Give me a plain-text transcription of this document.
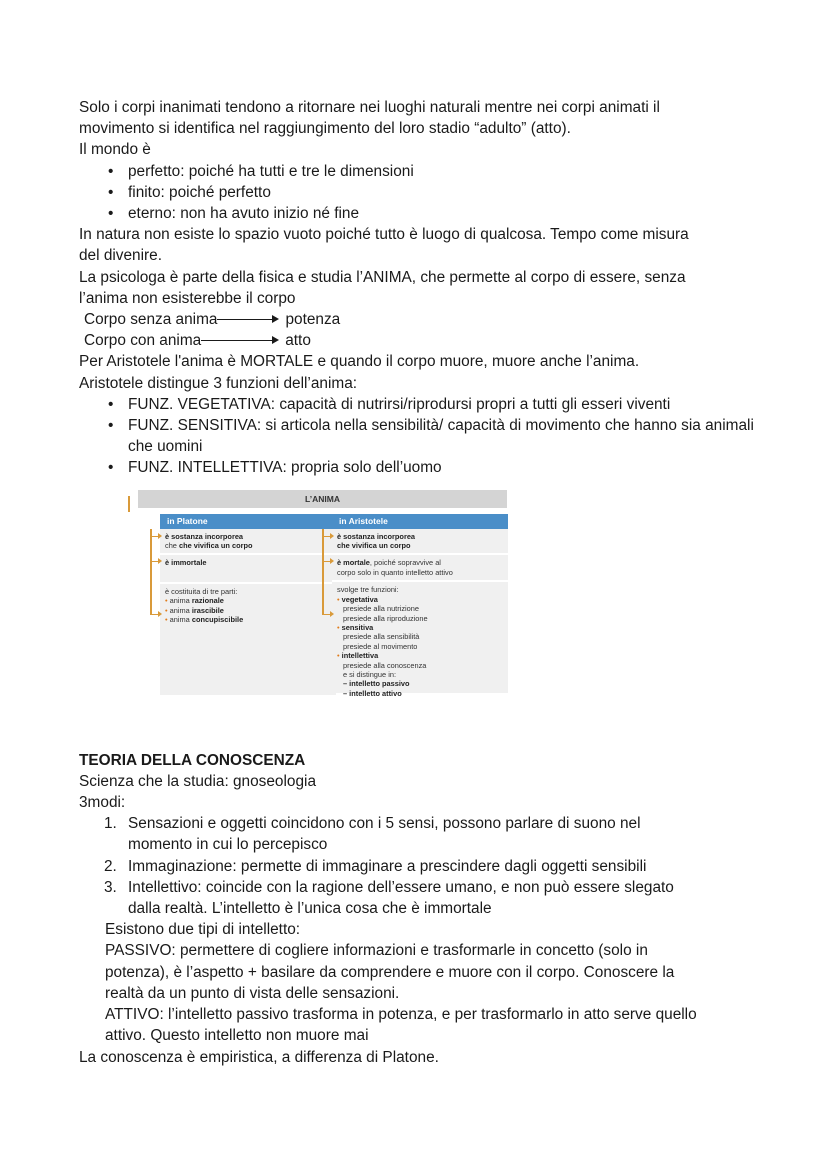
Solo i corpi inanimati tendono a ritornare nei luoghi naturali mentre nei corpi animati il

movimento si identifica nel raggiungimento del loro stadio “adulto” (atto).

Il mondo è

• perfetto: poiché ha tutti e tre le dimensioni
• finito: poiché perfetto
• eterno: non ha avuto inizio né fine

In natura non esiste lo spazio vuoto poiché tutto è luogo di qualcosa. Tempo come misura

del divenire.

La psicologa è parte della fisica e studia l’ANIMA, che permette al corpo di essere, senza

l’anima non esisterebbe il corpo

Corpo senza anima	potenza
Corpo con anima	atto

Per Aristotele l'anima è MORTALE e quando il corpo muore, muore anche l’anima.

Aristotele distingue 3 funzioni dell’anima:

• FUNZ. VEGETATIVA: capacità di nutrirsi/riprodursi propri a tutti gli esseri viventi
• FUNZ. SENSITIVA: si articola nella sensibilità/ capacità di movimento che hanno sia animali che uomini
• FUNZ. INTELLETTIVA: propria solo dell’uomo
L’ANIMA
in Platone
è sostanza incorporea
che che vivifica un corpo
è immortale
è costituita di tre parti:
• anima razionale
• anima irascibile
• anima concupiscibile
in Aristotele
è sostanza incorporea
che vivifica un corpo
è mortale, poiché sopravvive al
corpo solo in quanto intelletto attivo
svolge tre funzioni:
• vegetativa
presiede alla nutrizione
presiede alla riproduzione
• sensitiva
presiede alla sensibilità
presiede al movimento
• intellettiva
presiede alla conoscenza
e si distingue in:
– intelletto passivo
– intelletto attivo

TEORIA DELLA CONOSCENZA

Scienza che la studia: gnoseologia

3modi:

1. Sensazioni e oggetti coincidono con i 5 sensi, possono parlare di suono nel
momento in cui lo percepisco
2. Immaginazione: permette di immaginare a prescindere dagli oggetti sensibili
3. Intellettivo: coincide con la ragione dell’essere umano, e non può essere slegato
dalla realtà. L’intelletto è l’unica cosa che è immortale

Esistono due tipi di intelletto:

PASSIVO: permettere di cogliere informazioni e trasformarle in concetto (solo in

potenza), è l’aspetto + basilare da comprendere e muore con il corpo. Conoscere la

realtà da un punto di vista delle sensazioni.

ATTIVO: l’intelletto passivo trasforma in potenza, e per trasformarlo in atto serve quello

attivo. Questo intelletto non muore mai

La conoscenza è empiristica, a differenza di Platone.
